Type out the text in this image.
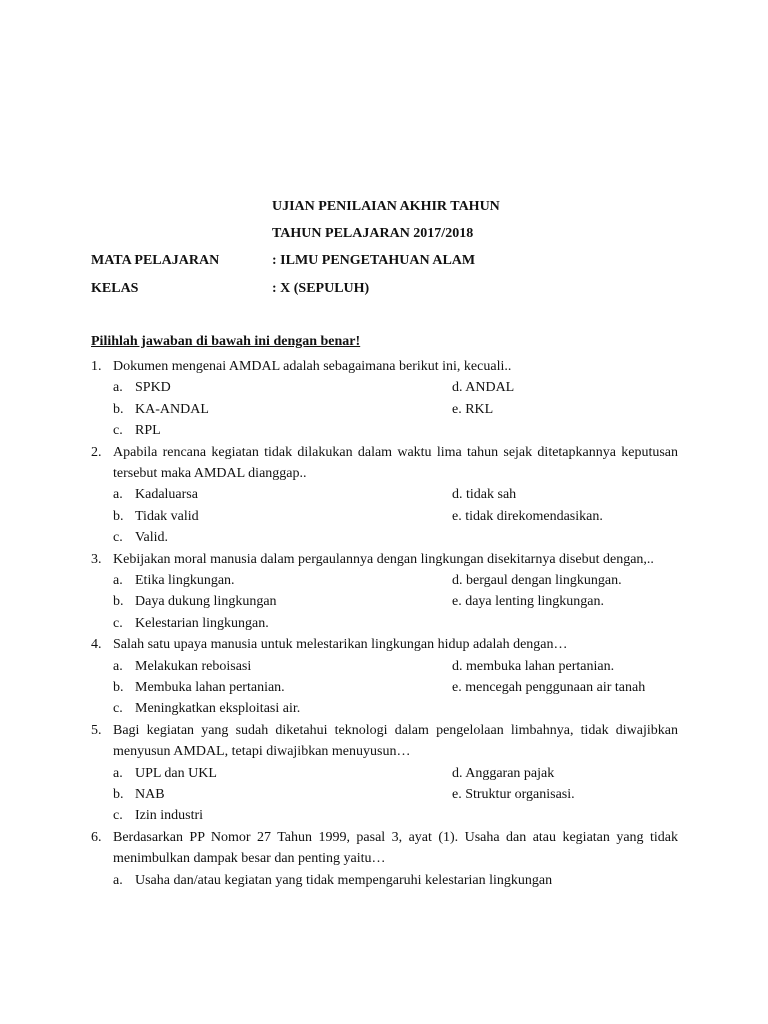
UJIAN PENILAIAN AKHIR TAHUN
TAHUN PELAJARAN 2017/2018
MATA PELAJARAN	: ILMU PENGETAHUAN ALAM
KELAS	: X (SEPULUH)
Pilihlah jawaban di bawah ini dengan benar!
1. Dokumen mengenai AMDAL adalah sebagaimana berikut ini, kecuali..
a. SPKD	d. ANDAL
b. KA-ANDAL	e. RKL
c. RPL
2. Apabila rencana kegiatan tidak dilakukan dalam waktu lima tahun sejak ditetapkannya keputusan tersebut maka AMDAL dianggap..
a. Kadaluarsa	d. tidak sah
b. Tidak valid	e. tidak direkomendasikan.
c. Valid.
3. Kebijakan moral manusia dalam pergaulannya dengan lingkungan disekitarnya disebut dengan,..
a. Etika lingkungan.	d. bergaul dengan lingkungan.
b. Daya dukung lingkungan	e. daya lenting lingkungan.
c. Kelestarian lingkungan.
4. Salah satu upaya manusia untuk melestarikan lingkungan hidup adalah dengan…
a. Melakukan reboisasi	d. membuka lahan pertanian.
b. Membuka lahan pertanian.	e. mencegah penggunaan air tanah
c. Meningkatkan eksploitasi air.
5. Bagi kegiatan yang sudah diketahui teknologi dalam pengelolaan limbahnya, tidak diwajibkan menyusun AMDAL, tetapi diwajibkan menuyusun…
a. UPL dan UKL	d. Anggaran pajak
b. NAB	e. Struktur organisasi.
c. Izin industri
6. Berdasarkan PP Nomor 27 Tahun 1999, pasal 3, ayat (1). Usaha dan atau kegiatan yang tidak menimbulkan dampak besar dan penting yaitu…
a. Usaha dan/atau kegiatan yang tidak mempengaruhi kelestarian lingkungan
